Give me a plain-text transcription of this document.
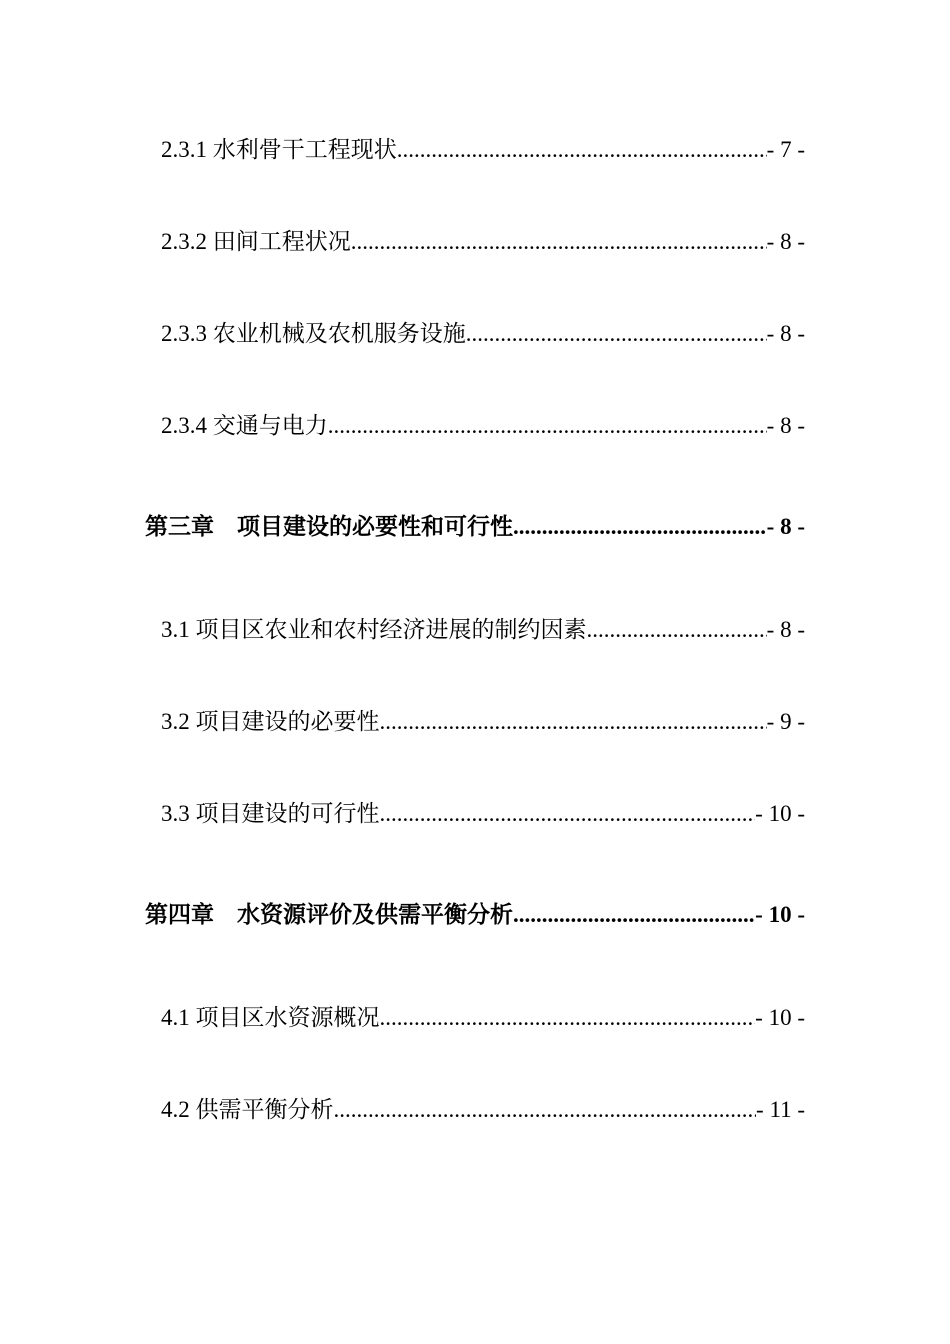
2.3.1 水利骨干工程现状 .....	- 7 -
2.3.2 田间工程状况 .....	- 8 -
2.3.3 农业机械及农机服务设施 .....	- 8 -
2.3.4 交通与电力 .....	- 8 -
第三章　项目建设的必要性和可行性 .....	- 8 -
3.1 项目区农业和农村经济进展的制约因素 .....	- 8 -
3.2 项目建设的必要性 .....	- 9 -
3.3 项目建设的可行性 .....	- 10 -
第四章　水资源评价及供需平衡分析 .....	- 10 -
4.1 项目区水资源概况 .....	- 10 -
4.2 供需平衡分析 .....	- 11 -
